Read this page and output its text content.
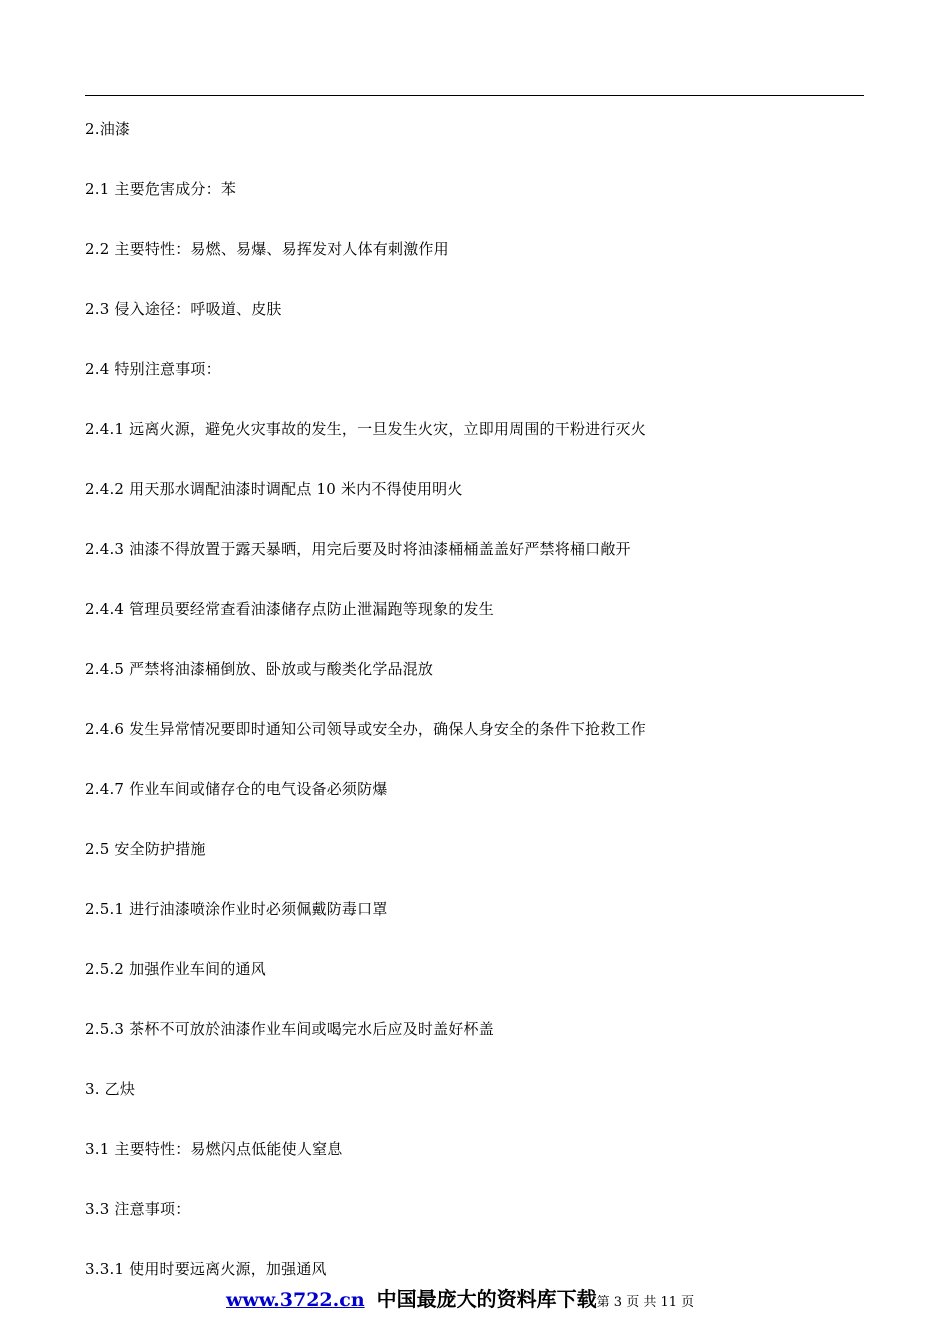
2.油漆
2.1 主要危害成分：苯
2.2 主要特性：易燃、易爆、易挥发对人体有刺激作用
2.3 侵入途径：呼吸道、皮肤
2.4 特别注意事项：
2.4.1 远离火源，避免火灾事故的发生，一旦发生火灾，立即用周围的干粉进行灭火
2.4.2 用天那水调配油漆时调配点 10 米内不得使用明火
2.4.3 油漆不得放置于露天暴晒，用完后要及时将油漆桶桶盖盖好严禁将桶口敞开
2.4.4 管理员要经常查看油漆储存点防止泄漏跑等现象的发生
2.4.5 严禁将油漆桶倒放、卧放或与酸类化学品混放
2.4.6 发生异常情况要即时通知公司领导或安全办，确保人身安全的条件下抢救工作
2.4.7 作业车间或储存仓的电气设备必须防爆
2.5 安全防护措施
2.5.1 进行油漆喷涂作业时必须佩戴防毒口罩
2.5.2 加强作业车间的通风
2.5.3 茶杯不可放於油漆作业车间或喝完水后应及时盖好杯盖
3. 乙炔
3.1 主要特性：易燃闪点低能使人窒息
3.3 注意事项：
3.3.1 使用时要远离火源，加强通风
www.3722.cn 中国最庞大的资料库下载第 3 页 共 11 页
